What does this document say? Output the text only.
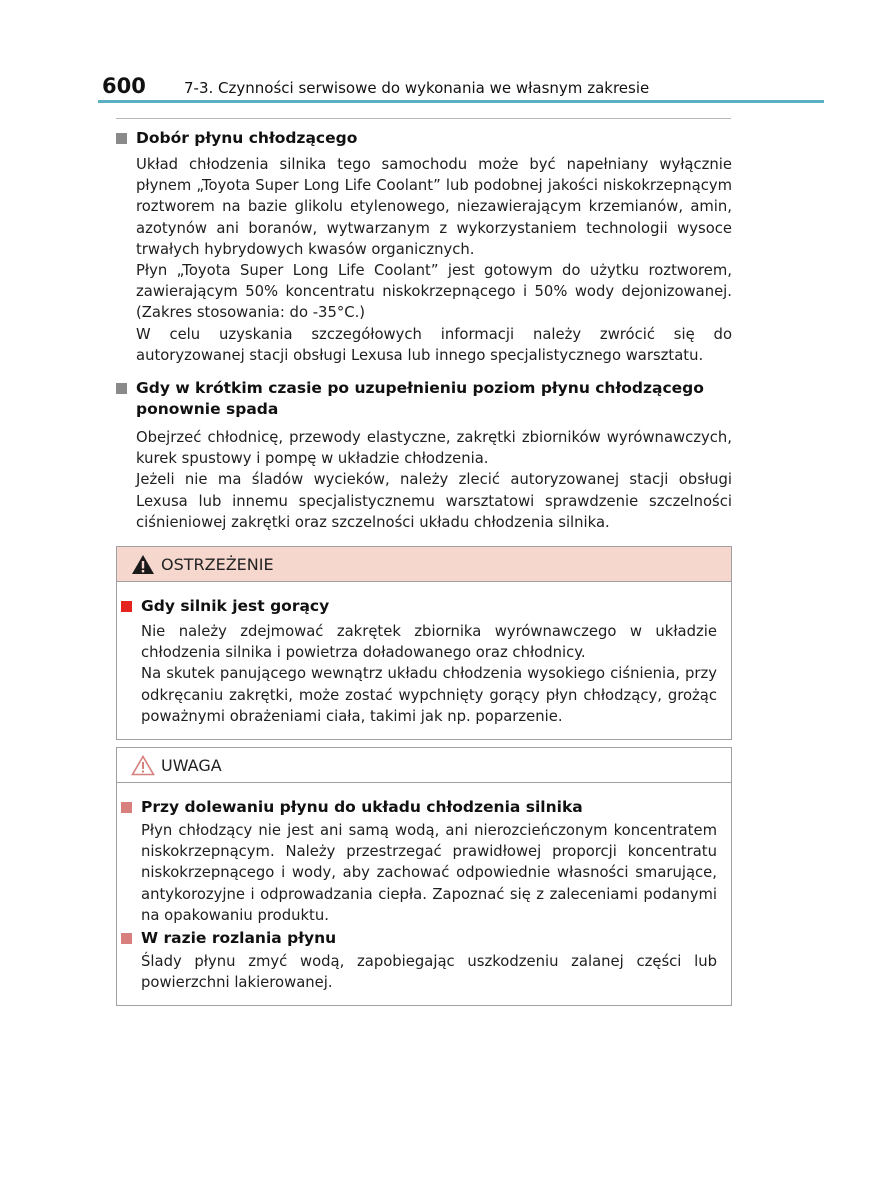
600	7-3. Czynności serwisowe do wykonania we własnym zakresie
Dobór płynu chłodzącego
Układ chłodzenia silnika tego samochodu może być napełniany wyłącznie płynem „Toyota Super Long Life Coolant” lub podobnej jakości niskokrzepnącym roztworem na bazie glikolu etylenowego, niezawierającym krzemianów, amin, azotynów ani boranów, wytwarzanym z wykorzystaniem technologii wysoce trwałych hybrydowych kwasów organicznych.
Płyn „Toyota Super Long Life Coolant” jest gotowym do użytku roztworem, zawierającym 50% koncentratu niskokrzepnącego i 50% wody dejonizowanej. (Zakres stosowania: do -35°C.)
W celu uzyskania szczegółowych informacji należy zwrócić się do autoryzowanej stacji obsługi Lexusa lub innego specjalistycznego warsztatu.
Gdy w krótkim czasie po uzupełnieniu poziom płynu chłodzącego ponownie spada
Obejrzeć chłodnicę, przewody elastyczne, zakrętki zbiorników wyrównawczych, kurek spustowy i pompę w układzie chłodzenia.
Jeżeli nie ma śladów wycieków, należy zlecić autoryzowanej stacji obsługi Lexusa lub innemu specjalistycznemu warsztatowi sprawdzenie szczelności ciśnieniowej zakrętki oraz szczelności układu chłodzenia silnika.
OSTRZEŻENIE
Gdy silnik jest gorący
Nie należy zdejmować zakrętek zbiornika wyrównawczego w układzie chłodzenia silnika i powietrza doładowanego oraz chłodnicy.
Na skutek panującego wewnątrz układu chłodzenia wysokiego ciśnienia, przy odkręcaniu zakrętki, może zostać wypchnięty gorący płyn chłodzący, grożąc poważnymi obrażeniami ciała, takimi jak np. poparzenie.
UWAGA
Przy dolewaniu płynu do układu chłodzenia silnika
Płyn chłodzący nie jest ani samą wodą, ani nierozcieńczonym koncentratem niskokrzepnącym. Należy przestrzegać prawidłowej proporcji koncentratu niskokrzepnącego i wody, aby zachować odpowiednie własności smarujące, antykorozyjne i odprowadzania ciepła. Zapoznać się z zaleceniami podanymi na opakowaniu produktu.
W razie rozlania płynu
Ślady płynu zmyć wodą, zapobiegając uszkodzeniu zalanej części lub powierzchni lakierowanej.
